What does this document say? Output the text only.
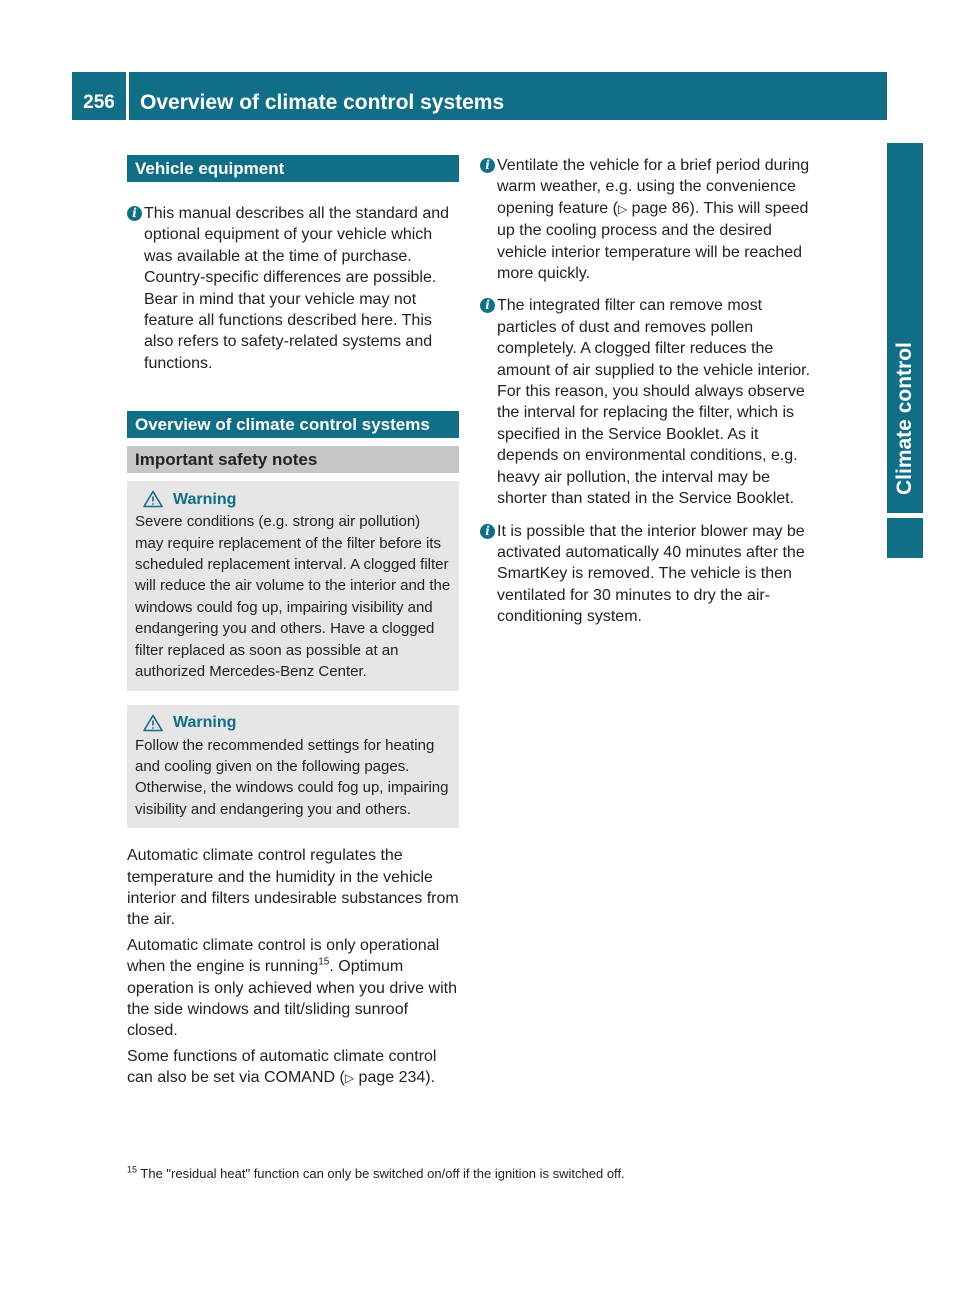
256	Overview of climate control systems
Climate control
Vehicle equipment
i This manual describes all the standard and optional equipment of your vehicle which was available at the time of purchase. Country-specific differences are possible. Bear in mind that your vehicle may not feature all functions described here. This also refers to safety-related systems and functions.

Overview of climate control systems
Important safety notes
Warning
Severe conditions (e.g. strong air pollution) may require replacement of the filter before its scheduled replacement interval. A clogged filter will reduce the air volume to the interior and the windows could fog up, impairing visibility and endangering you and others. Have a clogged filter replaced as soon as possible at an authorized Mercedes-Benz Center.
Warning
Follow the recommended settings for heating and cooling given on the following pages. Otherwise, the windows could fog up, impairing visibility and endangering you and others.

Automatic climate control regulates the temperature and the humidity in the vehicle interior and filters undesirable substances from the air.

Automatic climate control is only operational when the engine is running$^{15}$. Optimum operation is only achieved when you drive with the side windows and tilt/sliding sunroof closed.

Some functions of automatic climate control can also be set via COMAND (▷ page 234).

i Ventilate the vehicle for a brief period during warm weather, e.g. using the convenience opening feature (▷ page 86). This will speed up the cooling process and the desired vehicle interior temperature will be reached more quickly.

i The integrated filter can remove most particles of dust and removes pollen completely. A clogged filter reduces the amount of air supplied to the vehicle interior. For this reason, you should always observe the interval for replacing the filter, which is specified in the Service Booklet. As it depends on environmental conditions, e.g. heavy air pollution, the interval may be shorter than stated in the Service Booklet.

i It is possible that the interior blower may be activated automatically 40 minutes after the SmartKey is removed. The vehicle is then ventilated for 30 minutes to dry the air-conditioning system.

$^{15}$ The "residual heat" function can only be switched on/off if the ignition is switched off.
